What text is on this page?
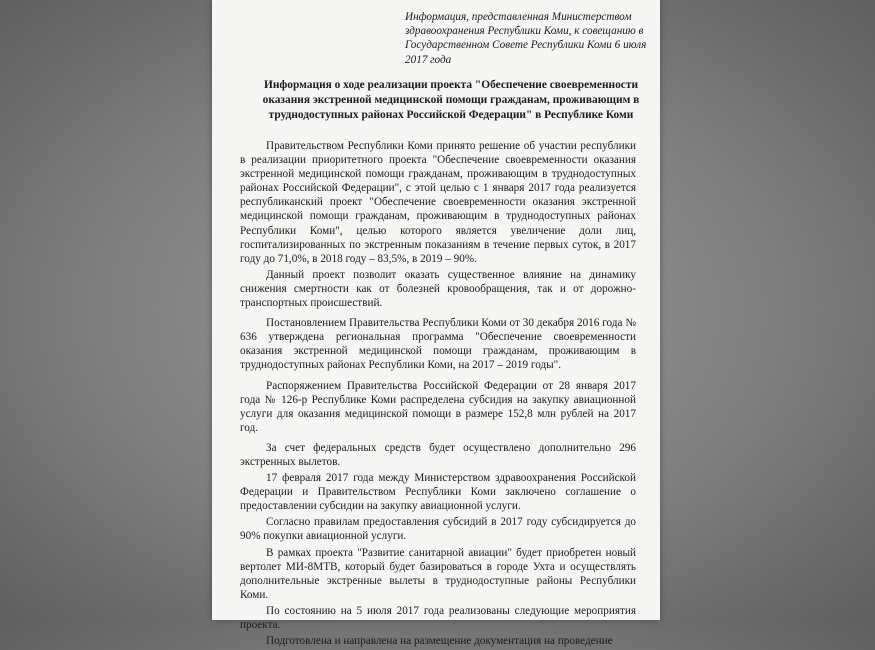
Информация, представленная Министерством здравоохранения Республики Коми, к совещанию в Государственном Совете Республики Коми 6 июля 2017 года
Информация о ходе реализации проекта "Обеспечение своевременности оказания экстренной медицинской помощи гражданам, проживающим в труднодоступных районах Российской Федерации" в Республике Коми

Правительством Республики Коми принято решение об участии республики в реализации приоритетного проекта "Обеспечение своевременности оказания экстренной медицинской помощи гражданам, проживающим в труднодоступных районах Российской Федерации", с этой целью с 1 января 2017 года реализуется республиканский проект "Обеспечение своевременности оказания экстренной медицинской помощи гражданам, проживающим в труднодоступных районах Республики Коми", целью которого является увеличение доли лиц, госпитализированных по экстренным показаниям в течение первых суток, в 2017 году до 71,0%, в 2018 году – 83,5%, в 2019 – 90%.

Данный проект позволит оказать существенное влияние на динамику снижения смертности как от болезней кровообращения, так и от дорожно-транспортных происшествий.

Постановлением Правительства Республики Коми от 30 декабря 2016 года № 636 утверждена региональная программа "Обеспечение своевременности оказания экстренной медицинской помощи гражданам, проживающим в труднодоступных районах Республики Коми, на 2017 – 2019 годы".

Распоряжением Правительства Российской Федерации от 28 января 2017 года № 126-р Республике Коми распределена субсидия на закупку авиационной услуги для оказания медицинской помощи в размере 152,8 млн рублей на 2017 год.

За счет федеральных средств будет осуществлено дополнительно 296 экстренных вылетов.

17 февраля 2017 года между Министерством здравоохранения Российской Федерации и Правительством Республики Коми заключено соглашение о предоставлении субсидии на закупку авиационной услуги.

Согласно правилам предоставления субсидий в 2017 году субсидируется до 90% покупки авиационной услуги.

В рамках проекта "Развитие санитарной авиации" будет приобретен новый вертолет МИ-8МТВ, который будет базироваться в городе Ухта и осуществлять дополнительные экстренные вылеты в труднодоступные районы Республики Коми.

По состоянию на 5 июля 2017 года реализованы следующие мероприятия проекта.

Подготовлена и направлена на размещение документация на проведение
